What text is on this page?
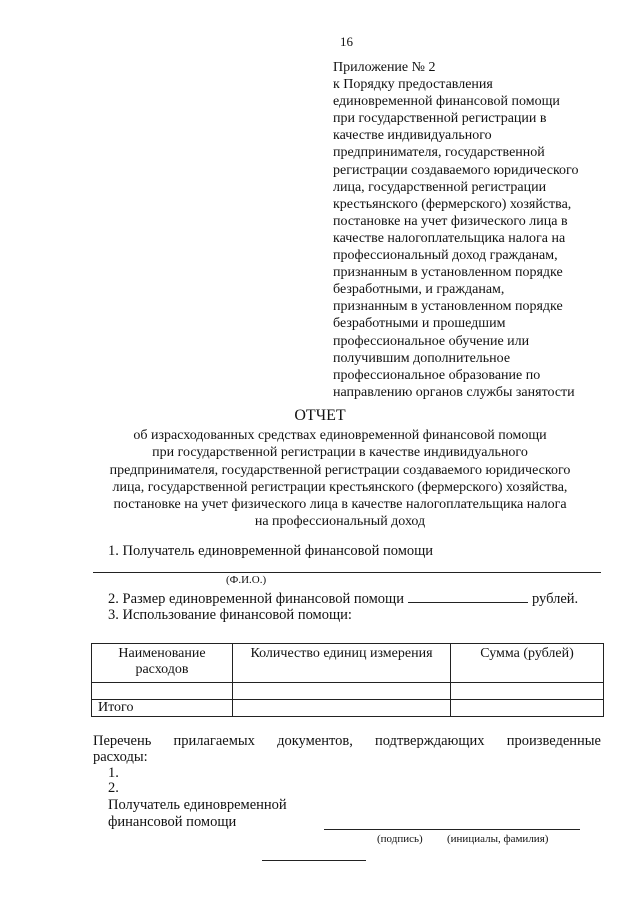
16
Приложение № 2
к Порядку предоставления
единовременной финансовой помощи
при государственной регистрации в
качестве индивидуального
предпринимателя, государственной
регистрации создаваемого юридического
лица, государственной регистрации
крестьянского (фермерского) хозяйства,
постановке на учет физического лица в
качестве налогоплательщика налога на
профессиональный доход гражданам,
признанным в установленном порядке
безработными, и гражданам,
признанным в установленном порядке
безработными и прошедшим
профессиональное обучение или
получившим дополнительное
профессиональное образование по
направлению органов службы занятости
ОТЧЕТ
об израсходованных средствах единовременной финансовой помощи
при государственной регистрации в качестве индивидуального
предпринимателя, государственной регистрации создаваемого юридического
лица, государственной регистрации крестьянского (фермерского) хозяйства,
постановке на учет физического лица в качестве налогоплательщика налога
на профессиональный доход
1. Получатель единовременной финансовой помощи
(Ф.И.О.)
2. Размер единовременной финансовой помощи	рублей.
3. Использование финансовой помощи:
Наименование расходов	Количество единиц измерения	Сумма (рублей)

Итого		
Перечень прилагаемых документов, подтверждающих произведенные
расходы:
1.
2.
Получатель единовременной
финансовой помощи
(подпись) (инициалы, фамилия)
